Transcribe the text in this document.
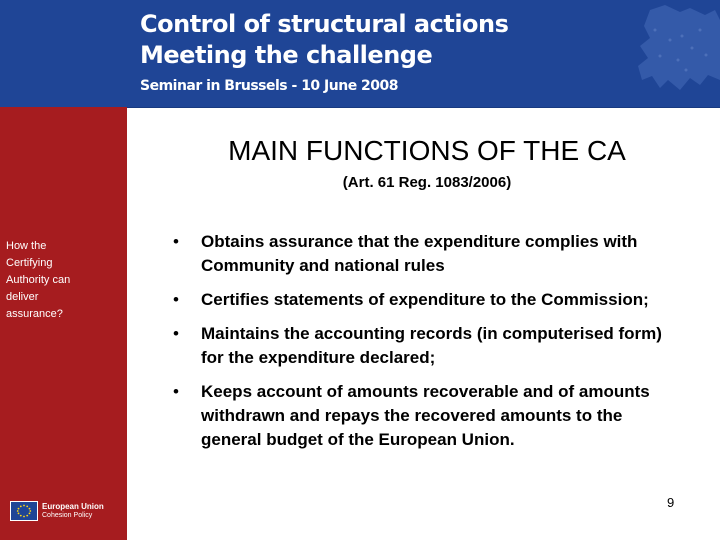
Control of structural actions
Meeting the challenge
Seminar in Brussels - 10 June 2008
How the
Certifying
Authority can
deliver
assurance?
European Union
Cohesion Policy
MAIN FUNCTIONS OF THE CA
(Art. 61 Reg. 1083/2006)
• Obtains assurance that the expenditure complies with Community and national rules
• Certifies statements of expenditure to the Commission;
• Maintains the accounting records (in computerised form) for the expenditure declared;
• Keeps account of amounts recoverable and of amounts withdrawn and repays the recovered amounts to the general budget of the European Union.
9
